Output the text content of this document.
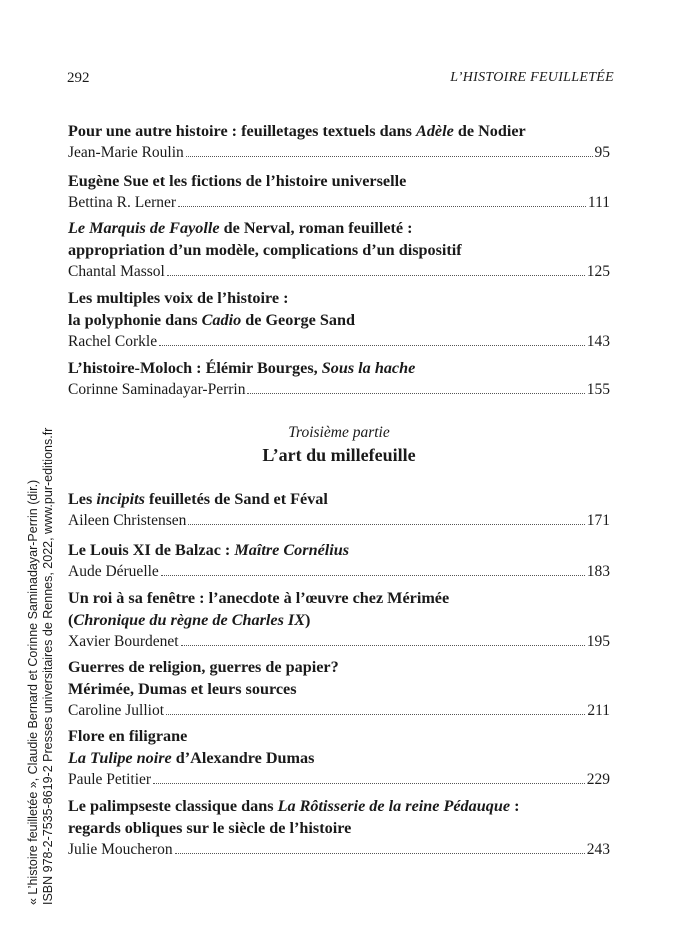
292	L’HISTOIRE FEUILLETÉE
Pour une autre histoire : feuilletages textuels dans Adèle de Nodier
Jean-Marie Roulin	95
Eugène Sue et les fictions de l’histoire universelle
Bettina R. Lerner	111
Le Marquis de Fayolle de Nerval, roman feuilleté :
appropriation d’un modèle, complications d’un dispositif
Chantal Massol	125
Les multiples voix de l’histoire :
la polyphonie dans Cadio de George Sand
Rachel Corkle	143
L’histoire-Moloch : Élémir Bourges, Sous la hache
Corinne Saminadayar-Perrin	155
Troisième partie
L’art du millefeuille
Les incipits feuilletés de Sand et Féval
Aileen Christensen	171
Le Louis XI de Balzac : Maître Cornélius
Aude Déruelle	183
Un roi à sa fenêtre : l’anecdote à l’œuvre chez Mérimée
(Chronique du règne de Charles IX)
Xavier Bourdenet	195
Guerres de religion, guerres de papier?
Mérimée, Dumas et leurs sources
Caroline Julliot	211
Flore en filigrane
La Tulipe noire d’Alexandre Dumas
Paule Petitier	229
Le palimpseste classique dans La Rôtisserie de la reine Pédauque :
regards obliques sur le siècle de l’histoire
Julie Moucheron	243
« L’histoire feuilletée », Claudie Bernard et Corinne Saminadayar-Perrin (dir.) ISBN 978-2-7535-8619-2 Presses universitaires de Rennes, 2022, www.pur-editions.fr
